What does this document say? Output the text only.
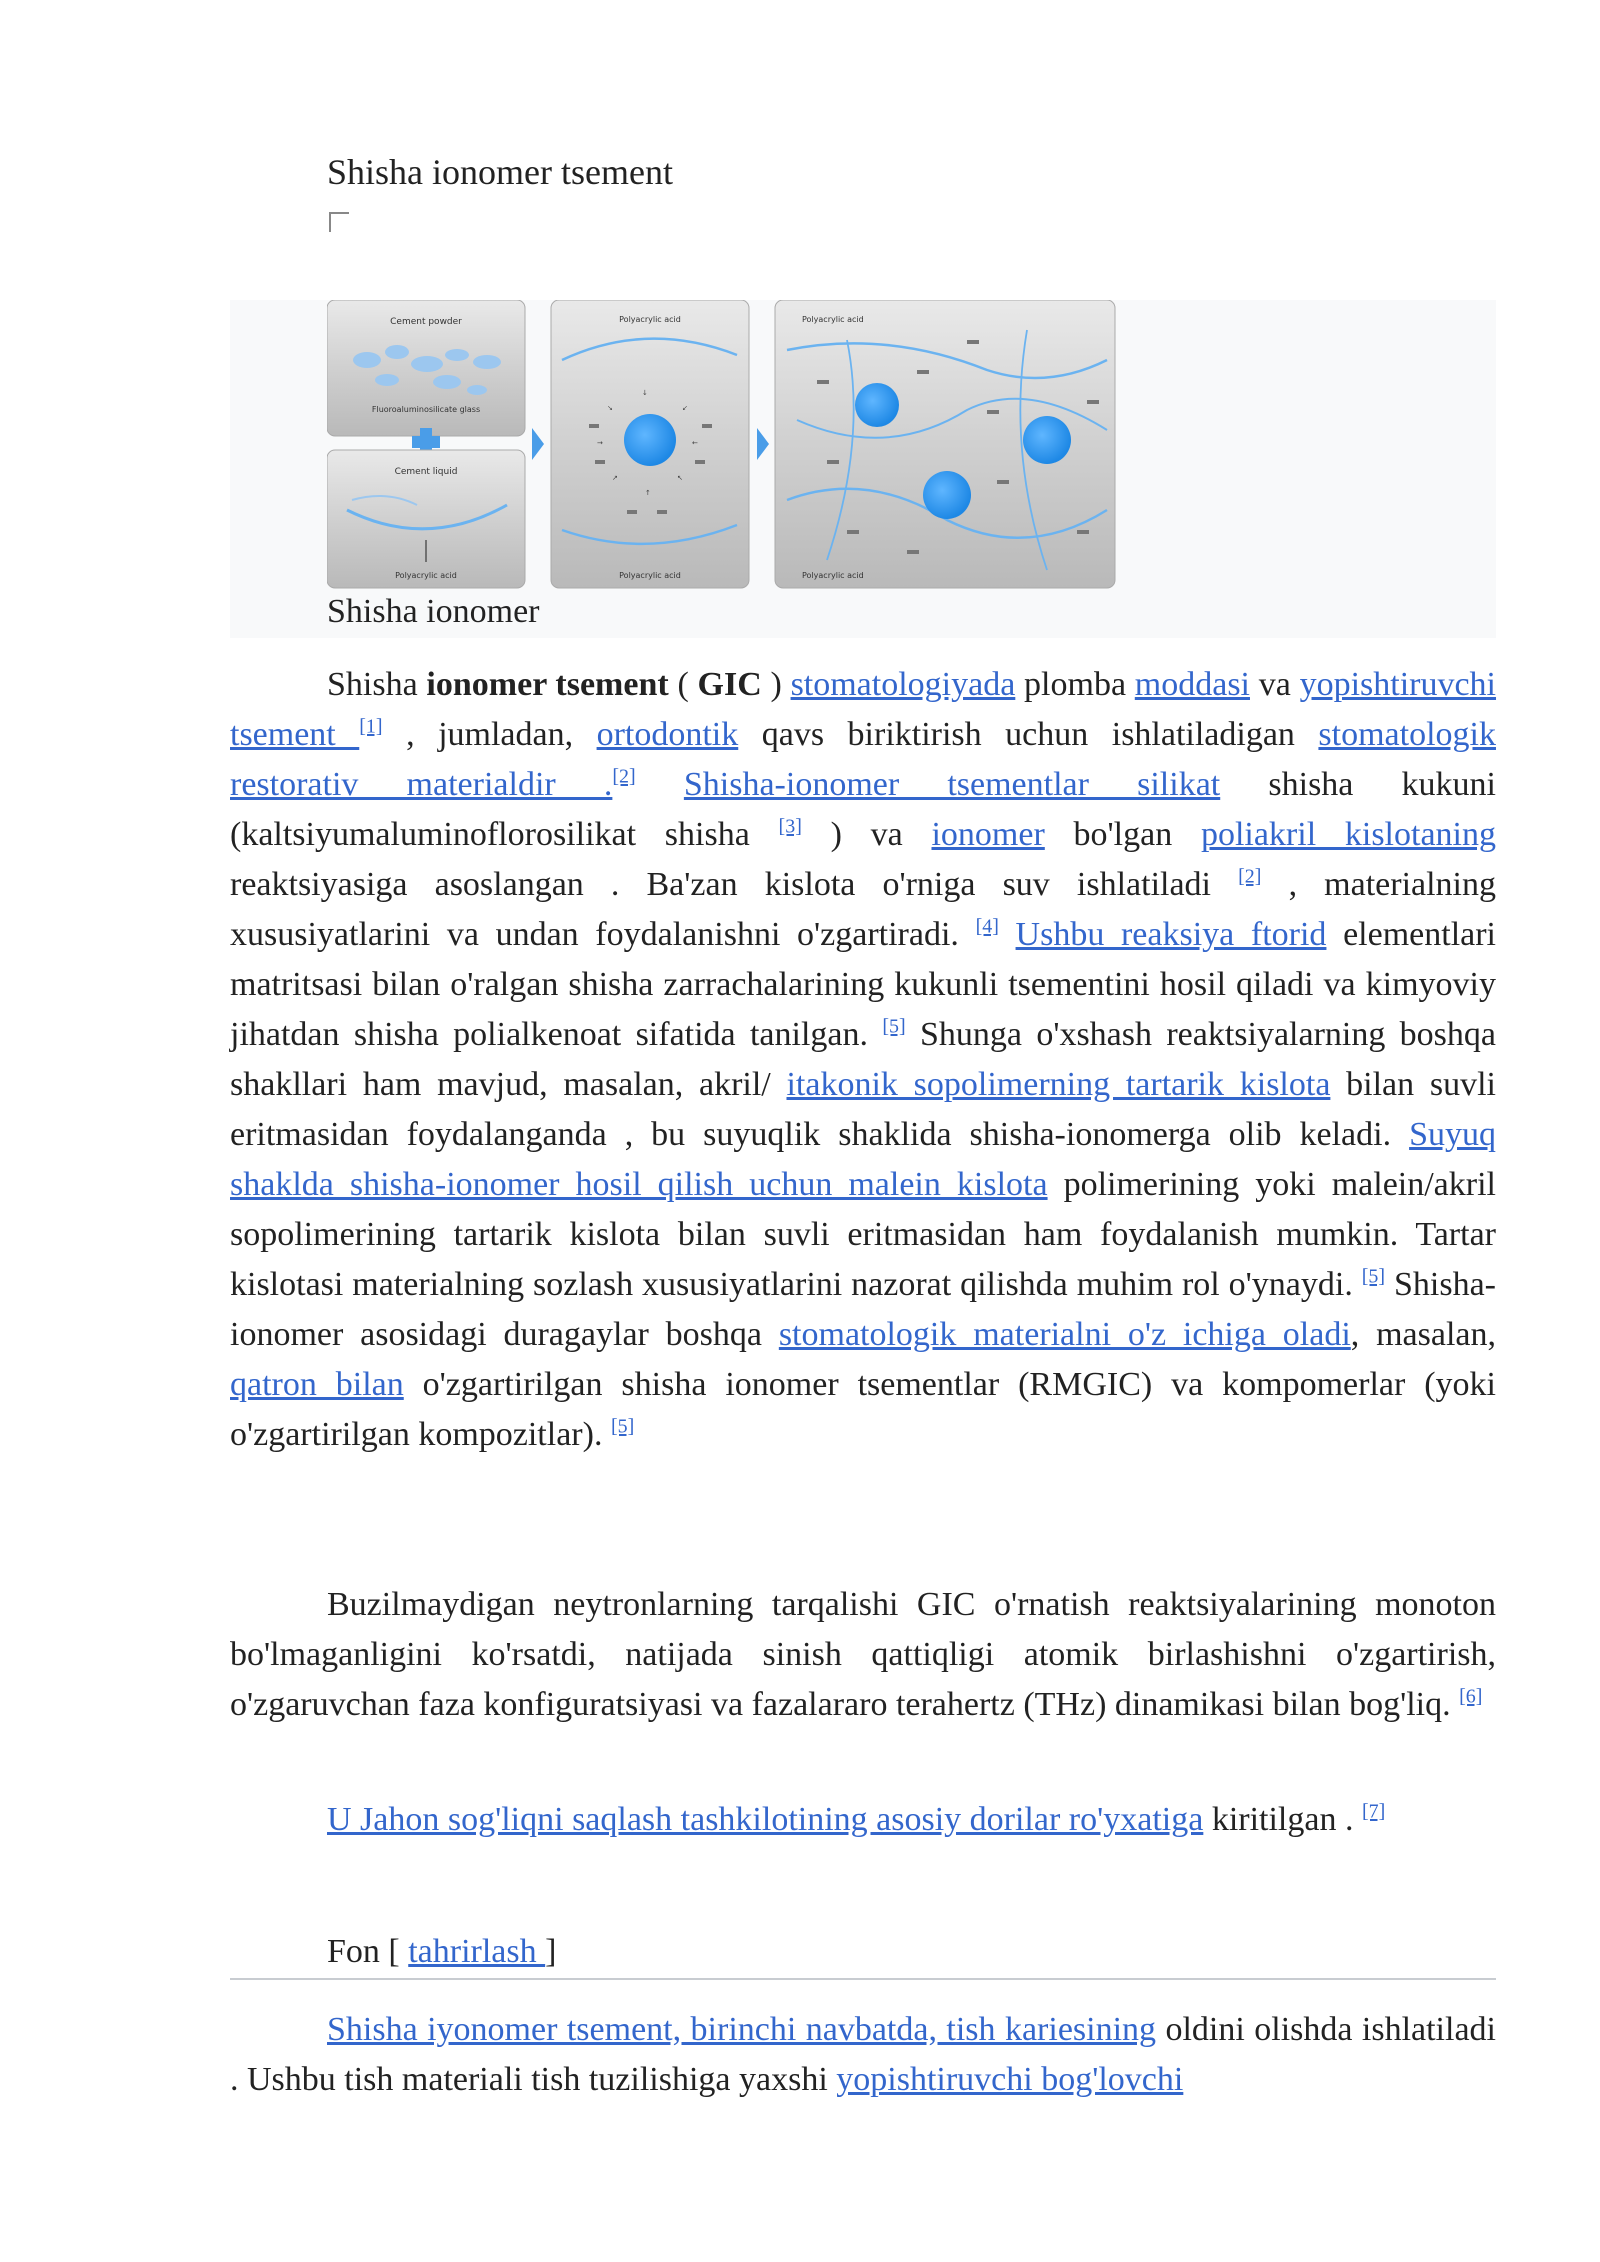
Shisha ionomer tsement
Cement powder
Fluoroaluminosilicate glass
Cement liquid
Polyacrylic acid
Polyacrylic acid
↘	↙
→	←
↗	↖
↓
↑
Polyacrylic acid
Polyacrylic acid
Polyacrylic acid
Shisha ionomer
Shisha ionomer tsement ( GIC ) stomatologiyada plomba moddasi va yopishtiruvchi tsement [1] , jumladan, ortodontik qavs biriktirish uchun ishlatiladigan stomatologik restorativ materialdir .[2] Shisha-ionomer tsementlar silikat shisha kukuni (kaltsiyumaluminoflorosilikat shisha [3] ) va ionomer bo'lgan poliakril kislotaning reaktsiyasiga asoslangan . Ba'zan kislota o'rniga suv ishlatiladi [2] , materialning xususiyatlarini va undan foydalanishni o'zgartiradi. [4] Ushbu reaksiya ftorid elementlari matritsasi bilan o'ralgan shisha zarrachalarining kukunli tsementini hosil qiladi va kimyoviy jihatdan shisha polialkenoat sifatida tanilgan. [5] Shunga o'xshash reaktsiyalarning boshqa shakllari ham mavjud, masalan, akril/ itakonik sopolimerning tartarik kislota bilan suvli eritmasidan foydalanganda , bu suyuqlik shaklida shisha-ionomerga olib keladi. Suyuq shaklda shisha-ionomer hosil qilish uchun malein kislota polimerining yoki malein/akril sopolimerining tartarik kislota bilan suvli eritmasidan ham foydalanish mumkin. Tartar kislotasi materialning sozlash xususiyatlarini nazorat qilishda muhim rol o'ynaydi. [5] Shisha-ionomer asosidagi duragaylar boshqa stomatologik materialni o'z ichiga oladi, masalan, qatron bilan o'zgartirilgan shisha ionomer tsementlar (RMGIC) va kompomerlar (yoki o'zgartirilgan kompozitlar). [5]
Buzilmaydigan neytronlarning tarqalishi GIC o'rnatish reaktsiyalarining monoton bo'lmaganligini ko'rsatdi, natijada sinish qattiqligi atomik birlashishni o'zgartirish, o'zgaruvchan faza konfiguratsiyasi va fazalararo terahertz (THz) dinamikasi bilan bog'liq. [6]
U Jahon sog'liqni saqlash tashkilotining asosiy dorilar ro'yxatiga kiritilgan . [7]
Fon [ tahrirlash ]
Shisha iyonomer tsement, birinchi navbatda, tish kariesining oldini olishda ishlatiladi . Ushbu tish materiali tish tuzilishiga yaxshi yopishtiruvchi bog'lovchi
